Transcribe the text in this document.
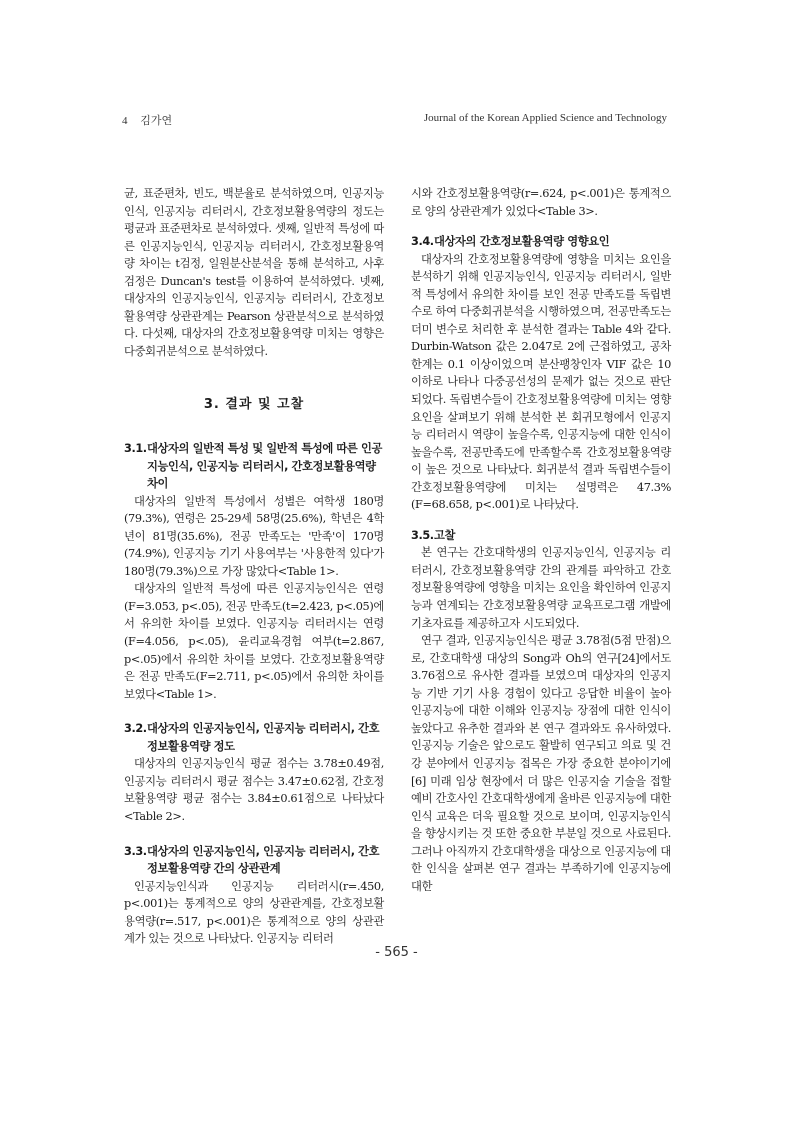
4 김가연	Journal of the Korean Applied Science and Technology

균, 표준편차, 빈도, 백분율로 분석하였으며, 인공지능인식, 인공지능 리터러시, 간호정보활용역량의 정도는 평균과 표준편차로 분석하였다. 셋째, 일반적 특성에 따른 인공지능인식, 인공지능 리터러시, 간호정보활용역량 차이는 t검정, 일원분산분석을 통해 분석하고, 사후검정은 Duncan's test를 이용하여 분석하였다. 넷째, 대상자의 인공지능인식, 인공지능 리터러시, 간호정보활용역량 상관관계는 Pearson 상관분석으로 분석하였다. 다섯째, 대상자의 간호정보활용역량 미치는 영향은 다중회귀분석으로 분석하였다.

3. 결과 및 고찰
3.1. 대상자의 일반적 특성 및 일반적 특성에 따른 인공지능인식, 인공지능 리터러시, 간호정보활용역량 차이

대상자의 일반적 특성에서 성별은 여학생 180명(79.3%), 연령은 25-29세 58명(25.6%), 학년은 4학년이 81명(35.6%), 전공 만족도는 '만족'이 170명(74.9%), 인공지능 기기 사용여부는 '사용한적 있다'가 180명(79.3%)으로 가장 많았다<Table 1>.

대상자의 일반적 특성에 따른 인공지능인식은 연령(F=3.053, p<.05), 전공 만족도(t=2.423, p<.05)에서 유의한 차이를 보였다. 인공지능 리터러시는 연령(F=4.056, p<.05), 윤리교육경험 여부(t=2.867, p<.05)에서 유의한 차이를 보였다. 간호정보활용역량은 전공 만족도(F=2.711, p<.05)에서 유의한 차이를 보였다<Table 1>.

3.2. 대상자의 인공지능인식, 인공지능 리터러시, 간호정보활용역량 정도

대상자의 인공지능인식 평균 점수는 3.78±0.49점, 인공지능 리터러시 평균 점수는 3.47±0.62점, 간호정보활용역량 평균 점수는 3.84±0.61점으로 나타났다<Table 2>.

3.3. 대상자의 인공지능인식, 인공지능 리터러시, 간호정보활용역량 간의 상관관계

인공지능인식과 인공지능 리터러시(r=.450, p<.001)는 통계적으로 양의 상관관계를, 간호정보활용역량(r=.517, p<.001)은 통계적으로 양의 상관관계가 있는 것으로 나타났다. 인공지능 리터러

시와 간호정보활용역량(r=.624, p<.001)은 통계적으로 양의 상관관계가 있었다<Table 3>.

3.4.대상자의 간호정보활용역량 영향요인

대상자의 간호정보활용역량에 영향을 미치는 요인을 분석하기 위해 인공지능인식, 인공지능 리터러시, 일반적 특성에서 유의한 차이를 보인 전공 만족도를 독립변수로 하여 다중회귀분석을 시행하였으며, 전공만족도는 더미 변수로 처리한 후 분석한 결과는 Table 4와 같다. Durbin-Watson 값은 2.047로 2에 근접하였고, 공차 한계는 0.1 이상이었으며 분산팽창인자 VIF 값은 10 이하로 나타나 다중공선성의 문제가 없는 것으로 판단되었다. 독립변수들이 간호정보활용역량에 미치는 영향요인을 살펴보기 위해 분석한 본 회귀모형에서 인공지능 리터러시 역량이 높을수록, 인공지능에 대한 인식이 높을수록, 전공만족도에 만족할수록 간호정보활용역량이 높은 것으로 나타났다. 회귀분석 결과 독립변수들이 간호정보활용역량에 미치는 설명력은 47.3%(F=68.658, p<.001)로 나타났다.

3.5.고찰

본 연구는 간호대학생의 인공지능인식, 인공지능 리터러시, 간호정보활용역량 간의 관계를 파악하고 간호정보활용역량에 영향을 미치는 요인을 확인하여 인공지능과 연계되는 간호정보활용역량 교육프로그램 개발에 기초자료를 제공하고자 시도되었다.

연구 결과, 인공지능인식은 평균 3.78점(5점 만점)으로, 간호대학생 대상의 Song과 Oh의 연구[24]에서도 3.76점으로 유사한 결과를 보였으며 대상자의 인공지능 기반 기기 사용 경험이 있다고 응답한 비율이 높아 인공지능에 대한 이해와 인공지능 장점에 대한 인식이 높았다고 유추한 결과와 본 연구 결과와도 유사하였다. 인공지능 기술은 앞으로도 활발히 연구되고 의료 및 건강 분야에서 인공지능 접목은 가장 중요한 분야이기에[6] 미래 임상 현장에서 더 많은 인공지술 기술을 접할 예비 간호사인 간호대학생에게 올바른 인공지능에 대한 인식 교육은 더욱 필요할 것으로 보이며, 인공지능인식을 향상시키는 것 또한 중요한 부분일 것으로 사료된다. 그러나 아직까지 간호대학생을 대상으로 인공지능에 대한 인식을 살펴본 연구 결과는 부족하기에 인공지능에 대한

- 565 -
